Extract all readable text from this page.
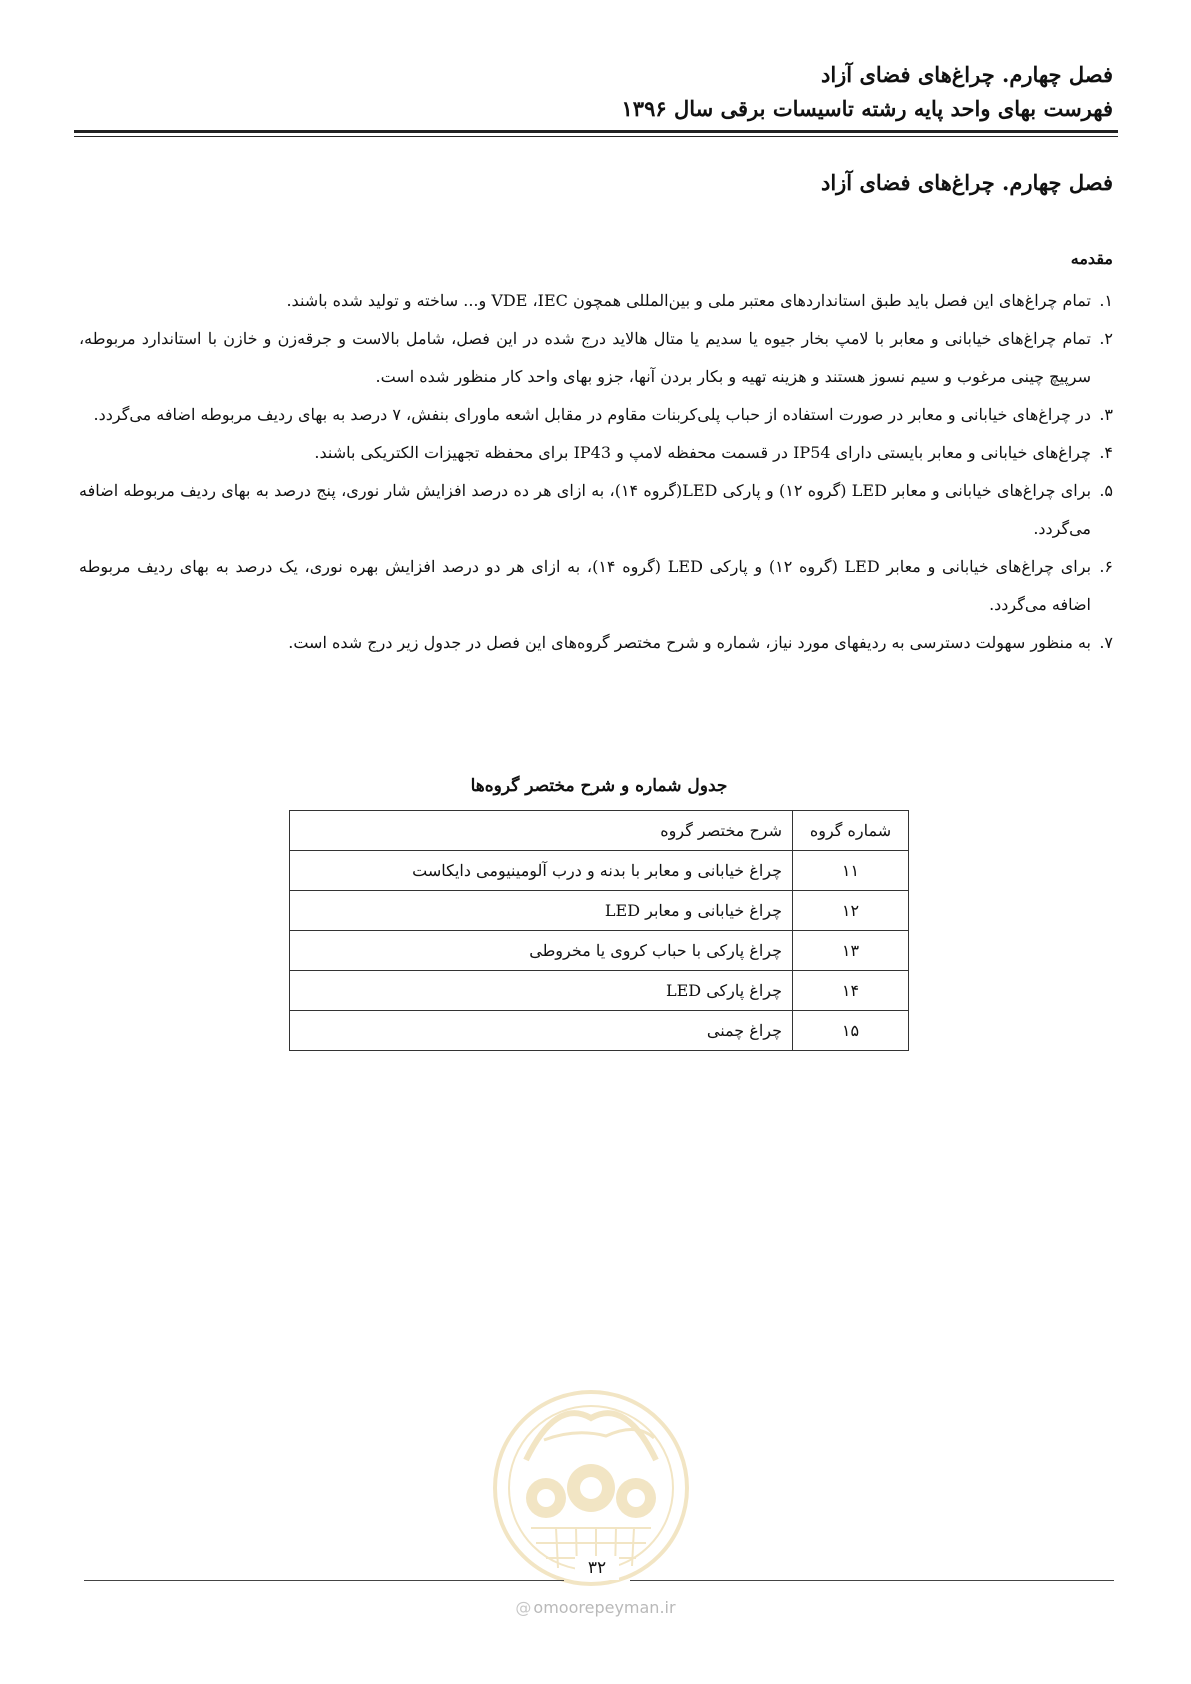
فصل چهارم. چراغ‌های فضای آزاد
فهرست بهای واحد پایه رشته تاسیسات برقی سال ۱۳۹۶
فصل چهارم. چراغ‌های فضای آزاد
مقدمه

۱.
تمام چراغ‌های این فصل باید طبق استانداردهای معتبر ملی و بین‌المللی همچون VDE ،IEC و... ساخته و تولید شده باشند.

۲.
تمام چراغ‌های خیابانی و معابر با لامپ بخار جیوه یا سدیم یا متال هالاید درج شده در این فصل، شامل بالاست و جرقه‌زن و خازن با استاندارد مربوطه، سرپیچ چینی مرغوب و سیم نسوز هستند و هزینه تهیه و بکار بردن آنها، جزو بهای واحد کار منظور شده است.

۳.
در چراغ‌های خیابانی و معابر در صورت استفاده از حباب پلی‌کربنات مقاوم در مقابل اشعه ماورای بنفش، ۷ درصد به بهای ردیف مربوطه اضافه می‌گردد.

۴.
چراغ‌های خیابانی و معابر بایستی دارای IP54 در قسمت محفظه لامپ و IP43 برای محفظه تجهیزات الکتریکی باشند.

۵.
برای چراغ‌های خیابانی و معابر LED (گروه ۱۲) و پارکی LED(گروه ۱۴)، به ازای هر ده درصد افزایش شار نوری، پنج درصد به بهای ردیف مربوطه اضافه می‌گردد.

۶.
برای چراغ‌های خیابانی و معابر LED (گروه ۱۲) و پارکی LED (گروه ۱۴)، به ازای هر دو درصد افزایش بهره نوری، یک درصد به بهای ردیف مربوطه اضافه می‌گردد.

۷.
به منظور سهولت دسترسی به ردیفهای مورد نیاز، شماره و شرح مختصر گروه‌های این فصل در جدول زیر درج شده است.

جدول شماره و شرح مختصر گروه‌ها
شماره گروه	شرح مختصر گروه
۱۱	چراغ خیابانی و معابر با بدنه و درب آلومینیومی دایکاست
۱۲	چراغ خیابانی و معابر LED
۱۳	چراغ پارکی با حباب کروی یا مخروطی
۱۴	چراغ پارکی LED
۱۵	چراغ چمنی
۳۲
@ omoorepeyman.ir
